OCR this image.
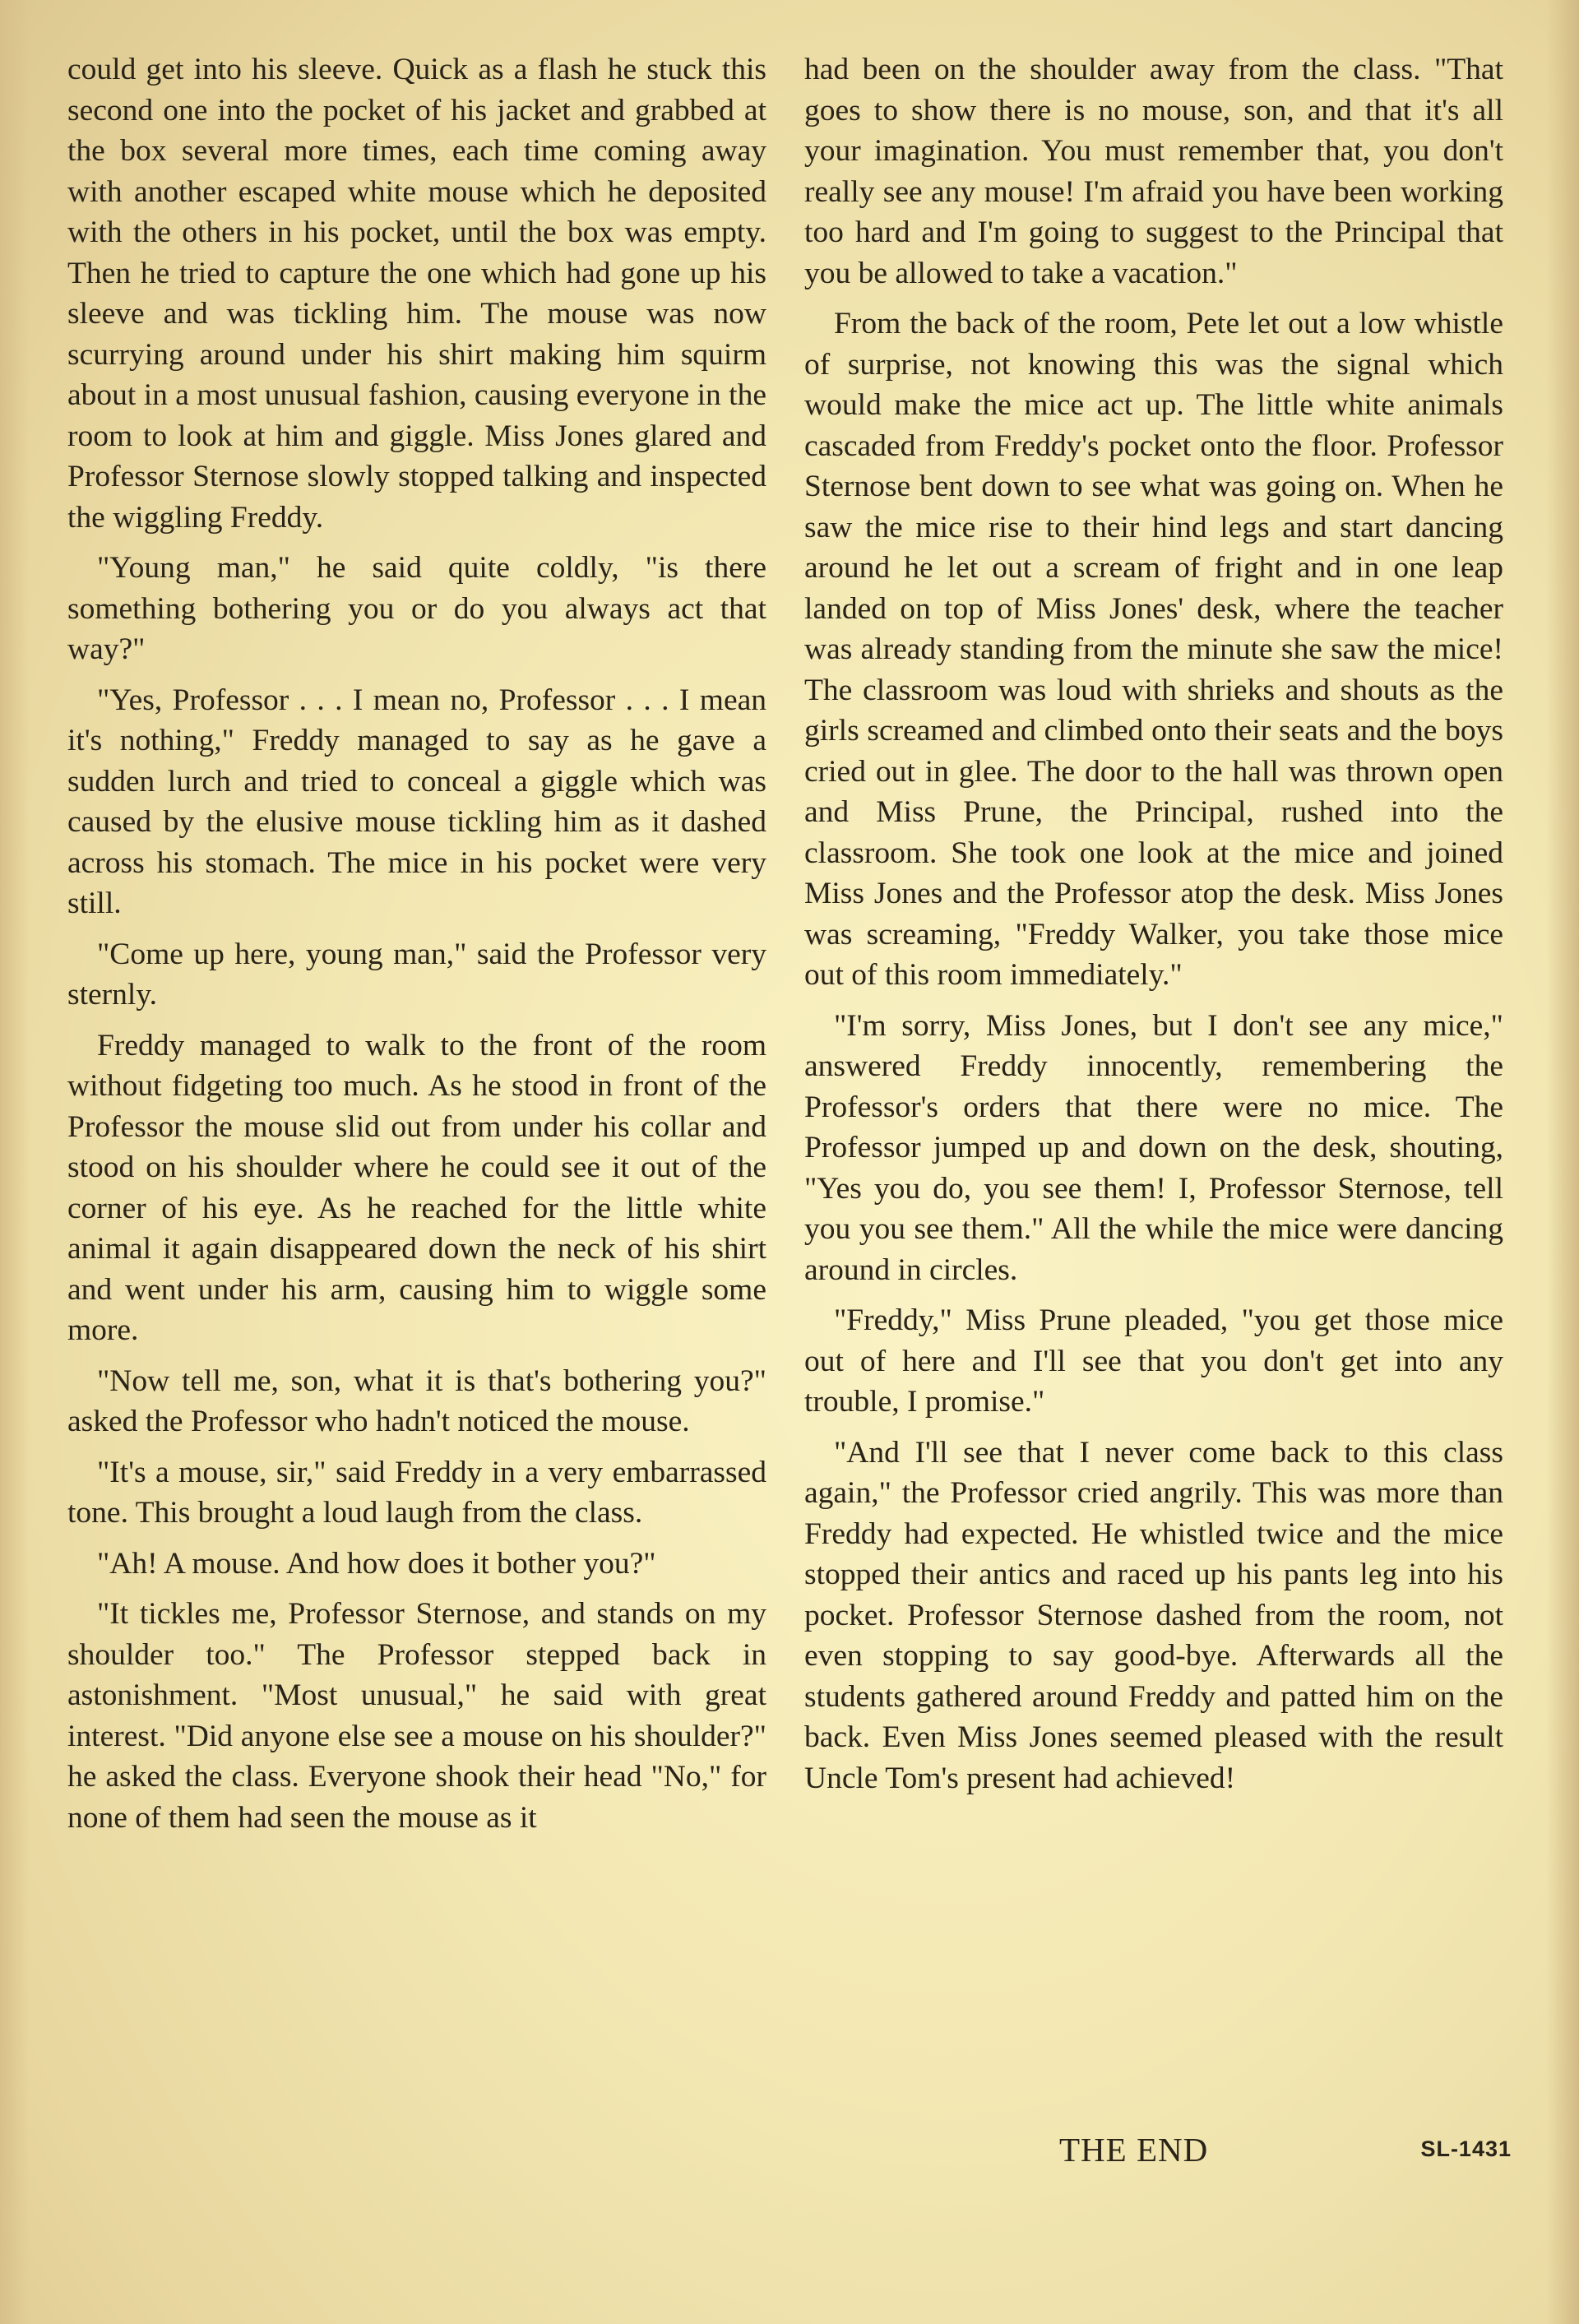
could get into his sleeve. Quick as a flash he stuck this second one into the pocket of his jacket and grabbed at the box several more times, each time coming away with another escaped white mouse which he deposited with the others in his pocket, until the box was empty. Then he tried to capture the one which had gone up his sleeve and was tickling him. The mouse was now scurrying around under his shirt making him squirm about in a most unusual fashion, causing everyone in the room to look at him and giggle. Miss Jones glared and Professor Sternose slowly stopped talking and inspected the wiggling Freddy.

"Young man," he said quite coldly, "is there something bothering you or do you always act that way?"

"Yes, Professor . . . I mean no, Professor . . . I mean it's nothing," Freddy managed to say as he gave a sudden lurch and tried to conceal a giggle which was caused by the elusive mouse tickling him as it dashed across his stomach. The mice in his pocket were very still.

"Come up here, young man," said the Professor very sternly.

Freddy managed to walk to the front of the room without fidgeting too much. As he stood in front of the Professor the mouse slid out from under his collar and stood on his shoulder where he could see it out of the corner of his eye. As he reached for the little white animal it again disappeared down the neck of his shirt and went under his arm, causing him to wiggle some more.

"Now tell me, son, what it is that's bothering you?" asked the Professor who hadn't noticed the mouse.

"It's a mouse, sir," said Freddy in a very embarrassed tone. This brought a loud laugh from the class.

"Ah! A mouse. And how does it bother you?"

"It tickles me, Professor Sternose, and stands on my shoulder too." The Professor stepped back in astonishment. "Most unusual," he said with great interest. "Did anyone else see a mouse on his shoulder?" he asked the class. Everyone shook their head "No," for none of them had seen the mouse as it

had been on the shoulder away from the class. "That goes to show there is no mouse, son, and that it's all your imagination. You must remember that, you don't really see any mouse! I'm afraid you have been working too hard and I'm going to suggest to the Principal that you be allowed to take a vacation."

From the back of the room, Pete let out a low whistle of surprise, not knowing this was the signal which would make the mice act up. The little white animals cascaded from Freddy's pocket onto the floor. Professor Sternose bent down to see what was going on. When he saw the mice rise to their hind legs and start dancing around he let out a scream of fright and in one leap landed on top of Miss Jones' desk, where the teacher was already standing from the minute she saw the mice! The classroom was loud with shrieks and shouts as the girls screamed and climbed onto their seats and the boys cried out in glee. The door to the hall was thrown open and Miss Prune, the Principal, rushed into the classroom. She took one look at the mice and joined Miss Jones and the Professor atop the desk. Miss Jones was screaming, "Freddy Walker, you take those mice out of this room immediately."

"I'm sorry, Miss Jones, but I don't see any mice," answered Freddy innocently, remembering the Professor's orders that there were no mice. The Professor jumped up and down on the desk, shouting, "Yes you do, you see them! I, Professor Sternose, tell you you see them." All the while the mice were dancing around in circles.

"Freddy," Miss Prune pleaded, "you get those mice out of here and I'll see that you don't get into any trouble, I promise."

"And I'll see that I never come back to this class again," the Professor cried angrily. This was more than Freddy had expected. He whistled twice and the mice stopped their antics and raced up his pants leg into his pocket. Professor Sternose dashed from the room, not even stopping to say good-bye. Afterwards all the students gathered around Freddy and patted him on the back. Even Miss Jones seemed pleased with the result Uncle Tom's present had achieved!

THE END	SL-1431
